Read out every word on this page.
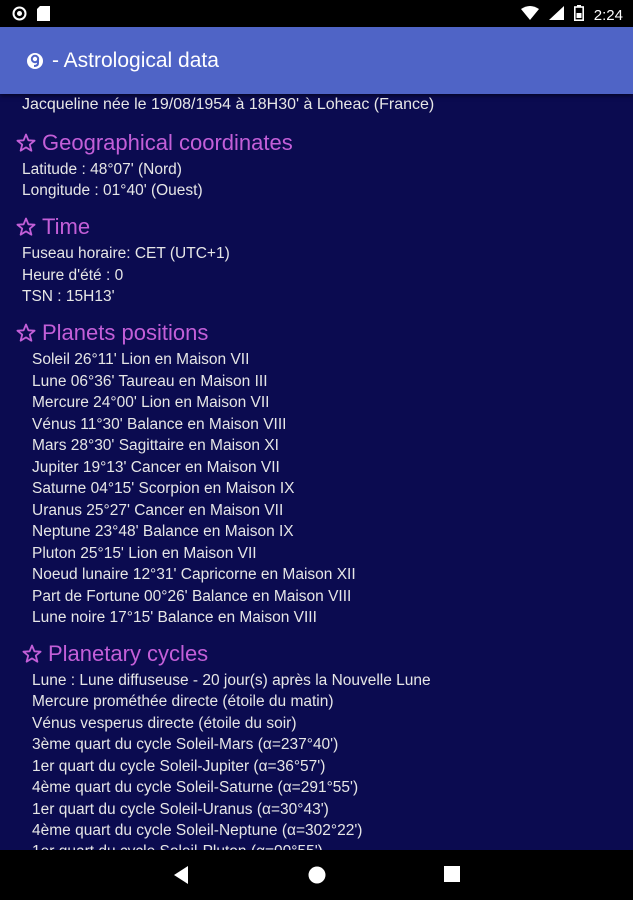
2:24
- Astrological data
Jacqueline née le 19/08/1954 à 18H30' à Loheac (France)
Geographical coordinates
Latitude : 48°07' (Nord)
Longitude : 01°40' (Ouest)
Time
Fuseau horaire: CET (UTC+1)
Heure d'été : 0
TSN : 15H13'
Planets positions
Soleil 26°11' Lion en Maison VII
Lune 06°36' Taureau en Maison III
Mercure 24°00' Lion en Maison VII
Vénus 11°30' Balance en Maison VIII
Mars 28°30' Sagittaire en Maison XI
Jupiter 19°13' Cancer en Maison VII
Saturne 04°15' Scorpion en Maison IX
Uranus 25°27' Cancer en Maison VII
Neptune 23°48' Balance en Maison IX
Pluton 25°15' Lion en Maison VII
Noeud lunaire 12°31' Capricorne en Maison XII
Part de Fortune 00°26' Balance en Maison VIII
Lune noire 17°15' Balance en Maison VIII
Planetary cycles
Lune : Lune diffuseuse - 20 jour(s) après la Nouvelle Lune
Mercure prométhée directe (étoile du matin)
Vénus vesperus directe (étoile du soir)
3ème quart du cycle Soleil-Mars (α=237°40')
1er quart du cycle Soleil-Jupiter (α=36°57')
4ème quart du cycle Soleil-Saturne (α=291°55')
1er quart du cycle Soleil-Uranus (α=30°43')
4ème quart du cycle Soleil-Neptune (α=302°22')
